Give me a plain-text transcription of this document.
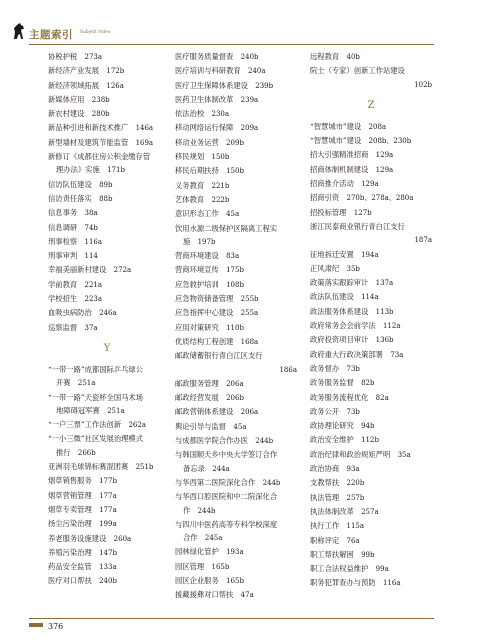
主题索引 Subject Index
协税护税  273a
新经济产业发展  172b
新经济领域拓展  126a
新媒体应用  238b
新农村建设  280b
新品种引进和新技术推广  146a
新型墙材及建筑节能监管  169a
新修订《成都住房公积金缴存管
理办法》实施  171b
信访队伍建设  89b
信访责任落实  88b
信息事务  38a
信息调研  74b
刑事检察  116a
刑事审判  114
幸福美丽新村建设  272a
学前教育  221a
学校招生  223a
血吸虫病防治  246a
巡察监督  37a
Y
“一带一路”成都国际乒乓球公
开赛  251a
“一带一路”天瓷杯全国马术场
地障碍冠军赛  251a
“一户三票”工作法创新  262a
“一小三微”社区发展治理模式
推行  266b
亚洲羽毛球锦标赛混团赛  251b
烟草销售服务  177b
烟草营销管理  177a
烟草专卖管理  177a
扬尘污染治理  199a
养老服务设施建设  260a
养殖污染治理  147b
药品安全监管  133a
医疗对口帮扶  240b
医疗服务质量督查  240b
医疗培训与科研教育  240a
医疗卫生保障体系建设  239b
医药卫生体制改革  239a
依法治校  230a
移动网络运行保障  209a
移动业务运营  209b
移民规划  150b
移民后期扶持  150b
义务教育  221b
艺体教育  222b
意识形态工作  45a
饮用水源二级保护区隔离工程实
施  197b
营商环境建设  83a
营商环境宣传  175b
应急救护培训  108b
应急物资储备管理  255b
应急指挥中心建设  255a
应用对策研究  110b
优质结构工程创建  168a
邮政储蓄银行青白江区支行
186a
邮政服务管理  206a
邮政经营发展  206b
邮政营销体系建设  206a
舆论引导与监督  45a
与成都医学院合作办医  244b
与韩国顺天乡中央大学签订合作
备忘录  244a
与华西第二医院深化合作  244b
与华西口腔医院和中二院深化合
作  244b
与四川中医药高等专科学校深度
合作  245a
园林绿化管护  193a
园区管理  165b
园区企业服务  165b
援藏援彝对口帮扶  47a
远程教育  40b
院士（专家）创新工作站建设
102b
Z
“智慧城市”建设  208a
“智慧城市”建设  208b、230b
招大引强精准招商  129a
招商体制机制建设  129a
招商推介活动  129a
招商引资  270b、278a、280a
招投标管理  127b
浙江民泰商业银行青白江支行
187a
征地拆迁安置  194a
正风肃纪  35b
政策落实跟踪审计  137a
政法队伍建设  114a
政法服务体系建设  113b
政府常务会会前学法  112a
政府投资项目审计  136b
政府重大行政决策部署  73a
政务督办  73b
政务服务监督  82b
政务服务流程优化  82a
政务公开  73b
政协理论研究  94b
政治安全维护  112b
政治纪律和政治规矩严明  35a
政治协商  93a
支教帮扶  220b
执法管理  257b
执法体制改革  257a
执行工作  115a
职称评定  76a
职工帮扶解困  99b
职工合法权益维护  99a
职务犯罪查办与预防  116a
376
